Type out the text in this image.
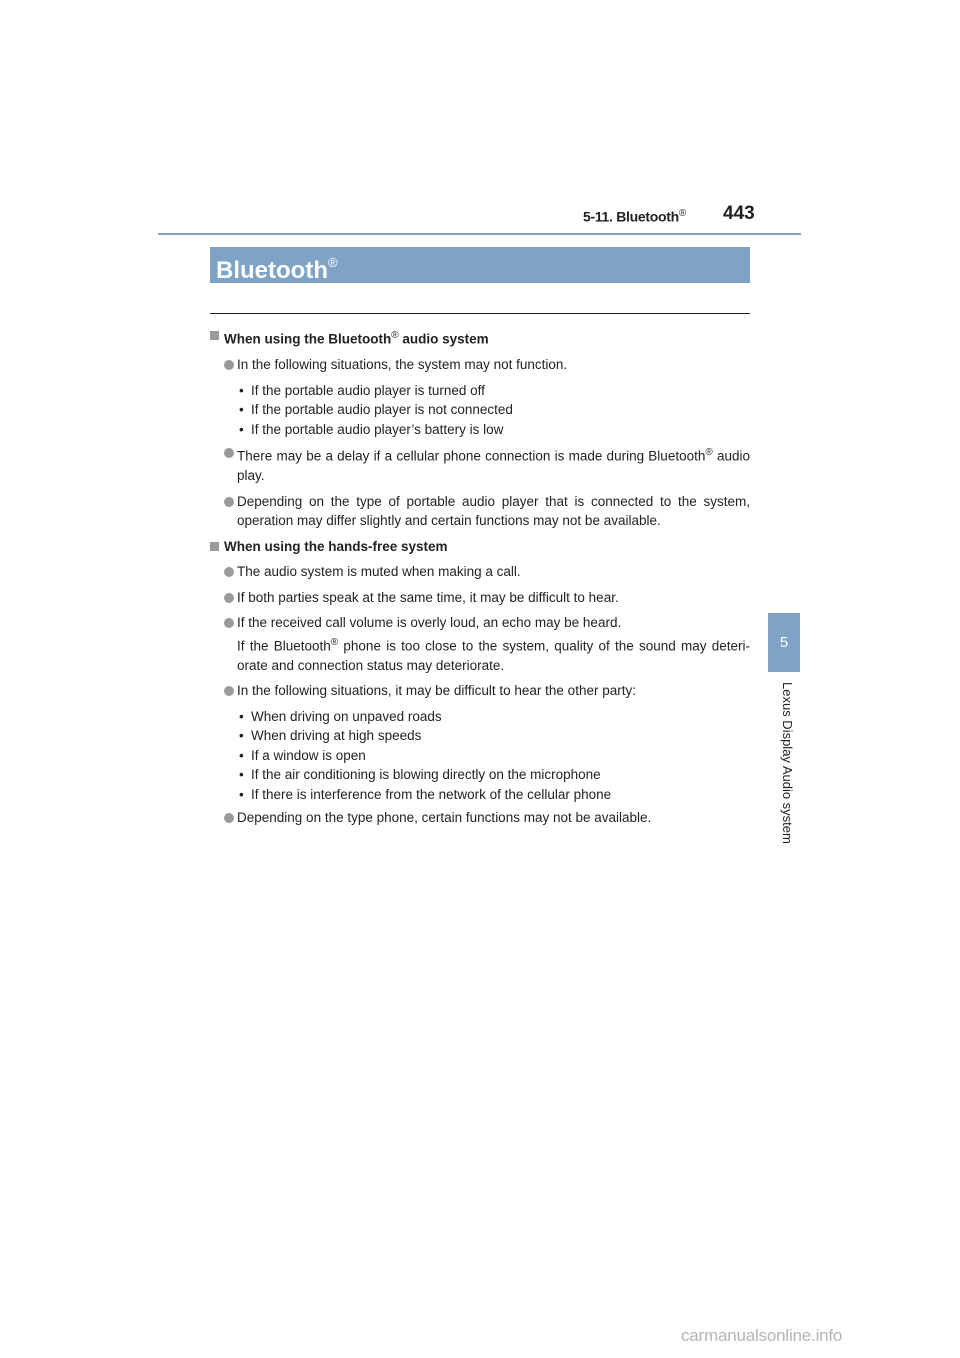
5-11. Bluetooth® 443
Bluetooth®
5
Lexus Display Audio system
When using the Bluetooth® audio system
In the following situations, the system may not function.
• If the portable audio player is turned off
• If the portable audio player is not connected
• If the portable audio player’s battery is low
There may be a delay if a cellular phone connection is made during Bluetooth® audio play.
Depending on the type of portable audio player that is connected to the system, operation may differ slightly and certain functions may not be available.
When using the hands-free system
The audio system is muted when making a call.
If both parties speak at the same time, it may be difficult to hear.
If the received call volume is overly loud, an echo may be heard.
If the Bluetooth® phone is too close to the system, quality of the sound may deteri-orate and connection status may deteriorate.
In the following situations, it may be difficult to hear the other party:
• When driving on unpaved roads
• When driving at high speeds
• If a window is open
• If the air conditioning is blowing directly on the microphone
• If there is interference from the network of the cellular phone
Depending on the type phone, certain functions may not be available.
carmanualsonline.info
